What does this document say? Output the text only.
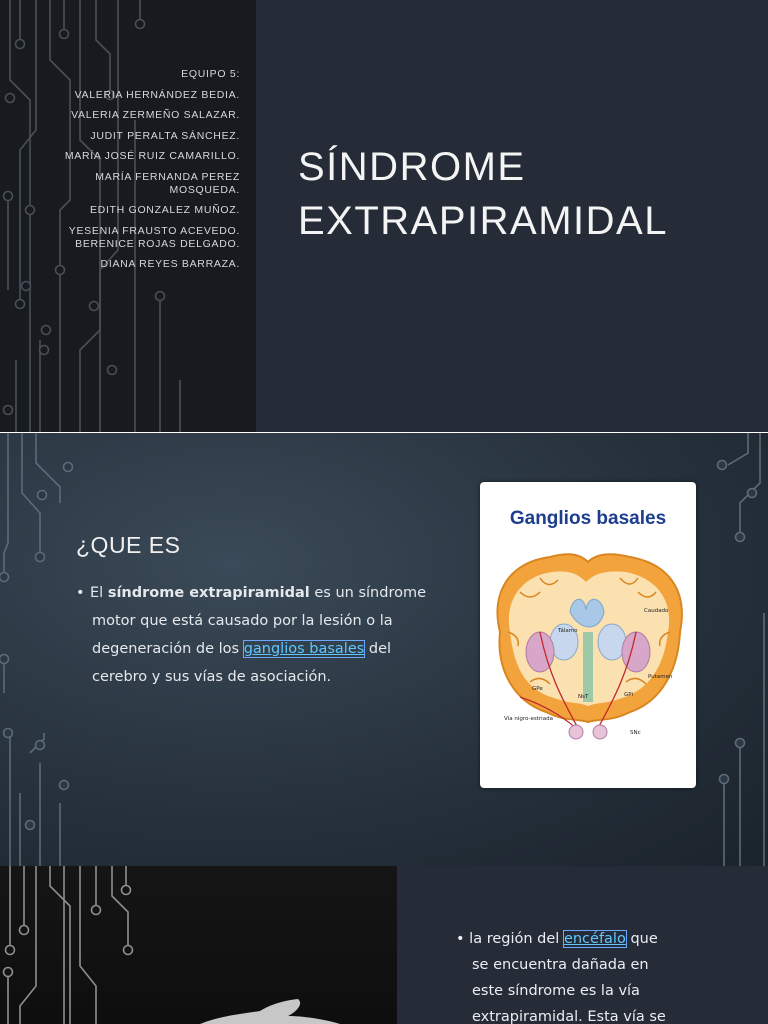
EQUIPO 5:
VALERIA HERNÁNDEZ BEDIA.
VALERIA ZERMEÑO SALAZAR.
JUDIT PERALTA SÁNCHEZ.
MARÍA JOSÉ RUIZ CAMARILLO.
MARÍA FERNANDA PEREZ
MOSQUEDA.
EDITH GONZALEZ MUÑOZ.
YESENIA FRAUSTO ACEVEDO.
BERENICE ROJAS DELGADO.
DIANA REYES BARRAZA.
SÍNDROME
EXTRAPIRAMIDAL
¿QUE ES
• El síndrome extrapiramidal es un síndrome
motor que está causado por la lesión o la
degeneración de los ganglios basales del
cerebro y sus vías de asociación.
Ganglios basales
Caudado
Tálamo
Putamen
GPe
GPi
NsT
Vía nigro-estriada
SNc
• la región del encéfalo que
se encuentra dañada en
este síndrome es la vía
extrapiramidal. Esta vía se
